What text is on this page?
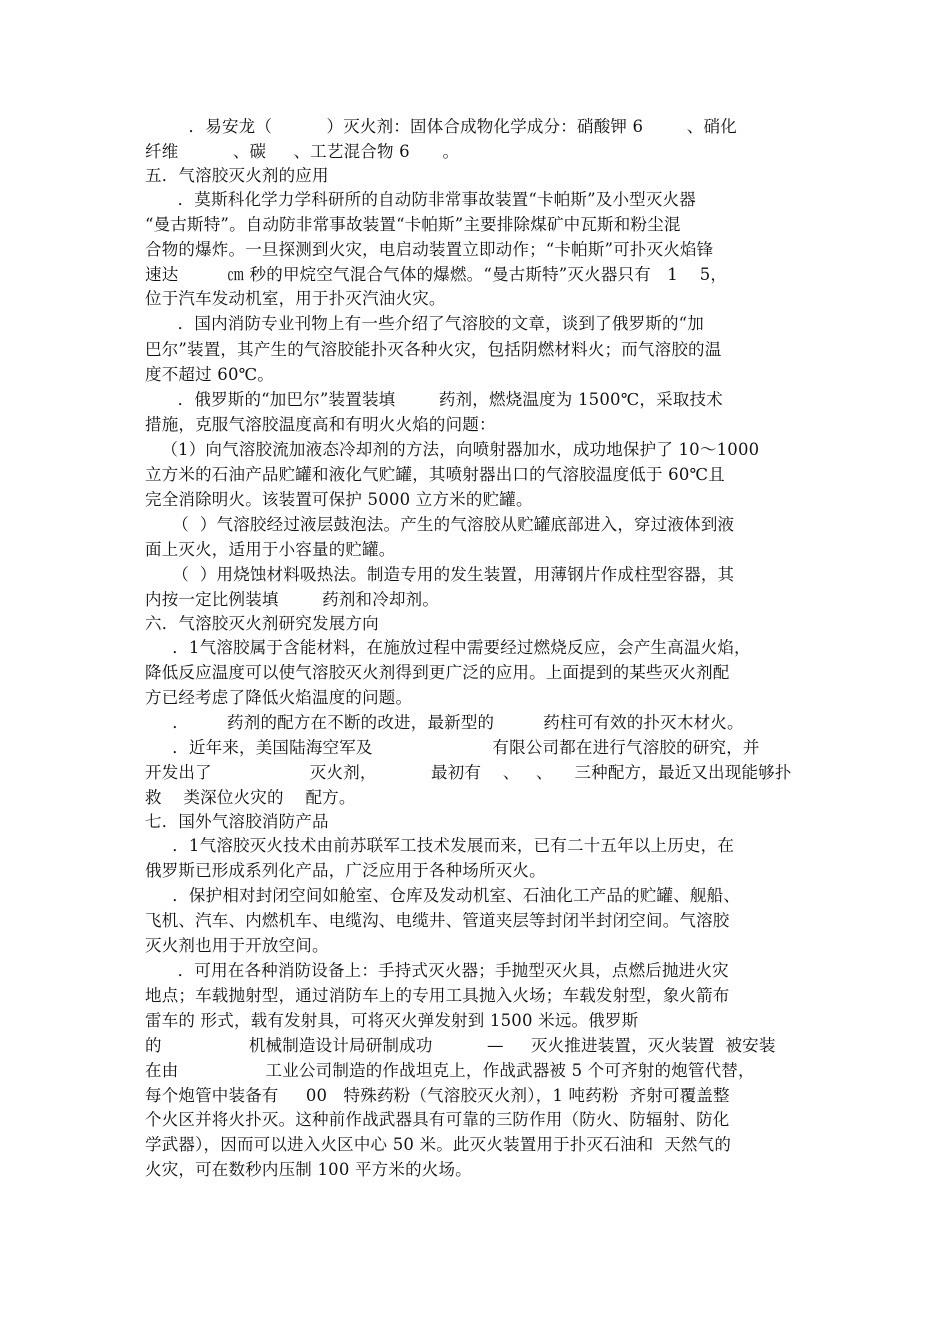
．易安龙（          ）灭火剂：固体合成物化学成分：硝酸钾 6        、硝化
纤维          、碳     、工艺混合物 6      。
五．气溶胶灭火剂的应用
．莫斯科化学力学科研所的自动防非常事故装置“卡帕斯”及小型灭火器
“曼古斯特”。自动防非常事故装置“卡帕斯”主要排除煤矿中瓦斯和粉尘混
合物的爆炸。一旦探测到火灾，电启动装置立即动作；“卡帕斯”可扑灭火焰锋
速达         ㎝ 秒的甲烷空气混合气体的爆燃。“曼古斯特”灭火器只有   1    5，
位于汽车发动机室，用于扑灭汽油火灾。
．国内消防专业刊物上有一些介绍了气溶胶的文章，谈到了俄罗斯的“加
巴尔”装置，其产生的气溶胶能扑灭各种火灾，包括阴燃材料火；而气溶胶的温
度不超过 60℃。
．俄罗斯的“加巴尔”装置装填        药剂，燃烧温度为 1500℃，采取技术
措施，克服气溶胶温度高和有明火火焰的问题：
（1）向气溶胶流加液态冷却剂的方法，向喷射器加水，成功地保护了 10～1000
立方米的石油产品贮罐和液化气贮罐，其喷射器出口的气溶胶温度低于 60℃且
完全消除明火。该装置可保护 5000 立方米的贮罐。
（  ）气溶胶经过液层鼓泡法。产生的气溶胶从贮罐底部进入，穿过液体到液
面上灭火，适用于小容量的贮罐。
（  ）用烧蚀材料吸热法。制造专用的发生装置，用薄钢片作成柱型容器，其
内按一定比例装填        药剂和冷却剂。
六．气溶胶灭火剂研究发展方向
．1气溶胶属于含能材料，在施放过程中需要经过燃烧反应，会产生高温火焰，
降低反应温度可以使气溶胶灭火剂得到更广泛的应用。上面提到的某些灭火剂配
方已经考虑了降低火焰温度的问题。
．       药剂的配方在不断的改进，最新型的         药柱可有效的扑灭木材火。
．近年来，美国陆海空军及                      有限公司都在进行气溶胶的研究，并
开发出了                  灭火剂，          最初有    、   、    三种配方，最近又出现能够扑
救    类深位火灾的    配方。
七．国外气溶胶消防产品
．1气溶胶灭火技术由前苏联军工技术发展而来，已有二十五年以上历史，在
俄罗斯已形成系列化产品，广泛应用于各种场所灭火。
．保护相对封闭空间如舱室、仓库及发动机室、石油化工产品的贮罐、舰船、
飞机、汽车、内燃机车、电缆沟、电缆井、管道夹层等封闭半封闭空间。气溶胶
灭火剂也用于开放空间。
．可用在各种消防设备上：手持式灭火器；手抛型灭火具，点燃后抛进火灾
地点；车载抛射型，通过消防车上的专用工具抛入火场；车载发射型，象火箭布
雷车的 形式，载有发射具，可将灭火弹发射到 1500 米远。俄罗斯
的                机械制造设计局研制成功          —     灭火推进装置，灭火装置  被安装
在由                工业公司制造的作战坦克上，作战武器被 5 个可齐射的炮管代替，
每个炮管中装备有     00   特殊药粉（气溶胶灭火剂），1 吨药粉  齐射可覆盖整
个火区并将火扑灭。这种前作战武器具有可靠的三防作用（防火、防辐射、防化
学武器），因而可以进入火区中心 50 米。此灭火装置用于扑灭石油和  天然气的
火灾，可在数秒内压制 100 平方米的火场。
